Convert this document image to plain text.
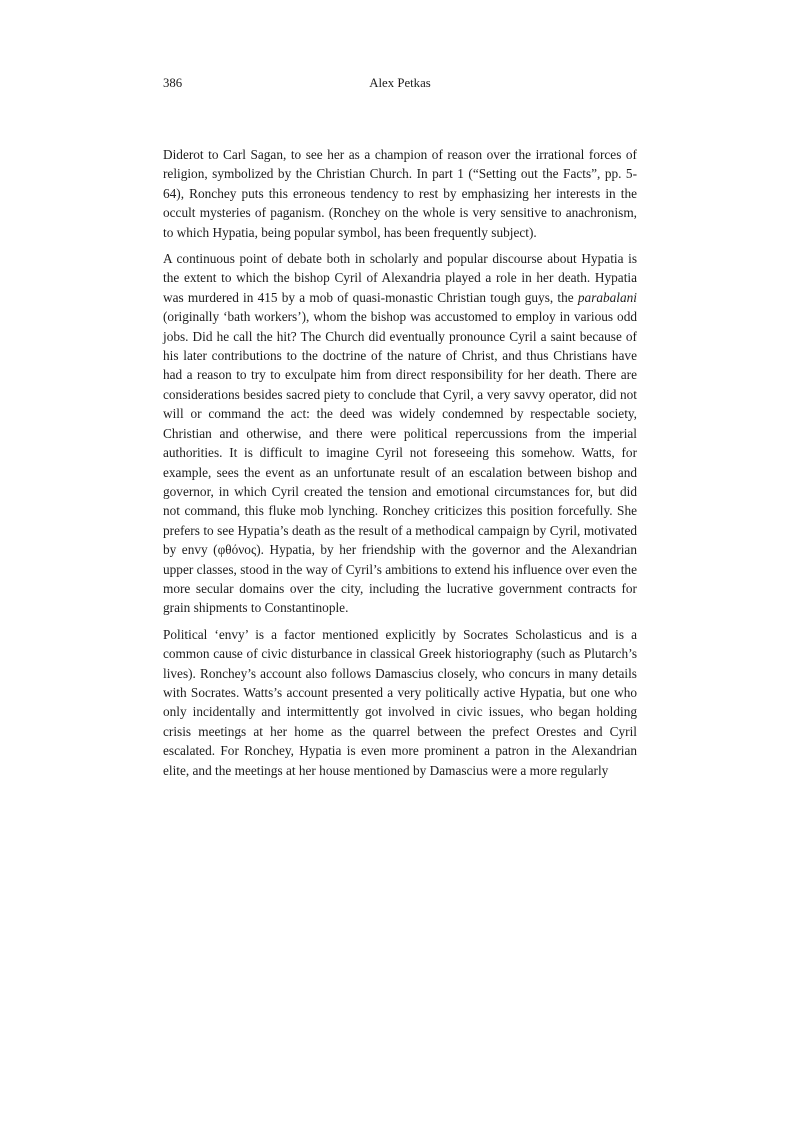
386	Alex Petkas

Diderot to Carl Sagan, to see her as a champion of reason over the irrational forces of religion, symbolized by the Christian Church. In part 1 (“Setting out the Facts”, pp. 5-64), Ronchey puts this erroneous tendency to rest by emphasizing her interests in the occult mysteries of paganism. (Ronchey on the whole is very sensitive to anachronism, to which Hypatia, being popular symbol, has been frequently subject).

A continuous point of debate both in scholarly and popular discourse about Hypatia is the extent to which the bishop Cyril of Alexandria played a role in her death. Hypatia was murdered in 415 by a mob of quasi-monastic Christian tough guys, the parabalani (originally ‘bath workers’), whom the bishop was accustomed to employ in various odd jobs. Did he call the hit? The Church did eventually pronounce Cyril a saint because of his later contributions to the doctrine of the nature of Christ, and thus Christians have had a reason to try to exculpate him from direct responsibility for her death. There are considerations besides sacred piety to conclude that Cyril, a very savvy operator, did not will or command the act: the deed was widely condemned by respectable society, Christian and otherwise, and there were political repercussions from the imperial authorities. It is difficult to imagine Cyril not foreseeing this somehow. Watts, for example, sees the event as an unfortunate result of an escalation between bishop and governor, in which Cyril created the tension and emotional circumstances for, but did not command, this fluke mob lynching. Ronchey criticizes this position forcefully. She prefers to see Hypatia’s death as the result of a methodical campaign by Cyril, motivated by envy (φθόνος). Hypatia, by her friendship with the governor and the Alexandrian upper classes, stood in the way of Cyril’s ambitions to extend his influence over even the more secular domains over the city, including the lucrative government contracts for grain shipments to Constantinople.

Political ‘envy’ is a factor mentioned explicitly by Socrates Scholasticus and is a common cause of civic disturbance in classical Greek historiography (such as Plutarch’s lives). Ronchey’s account also follows Damascius closely, who concurs in many details with Socrates. Watts’s account presented a very politically active Hypatia, but one who only incidentally and intermittently got involved in civic issues, who began holding crisis meetings at her home as the quarrel between the prefect Orestes and Cyril escalated. For Ronchey, Hypatia is even more prominent a patron in the Alexandrian elite, and the meetings at her house mentioned by Damascius were a more regularly
